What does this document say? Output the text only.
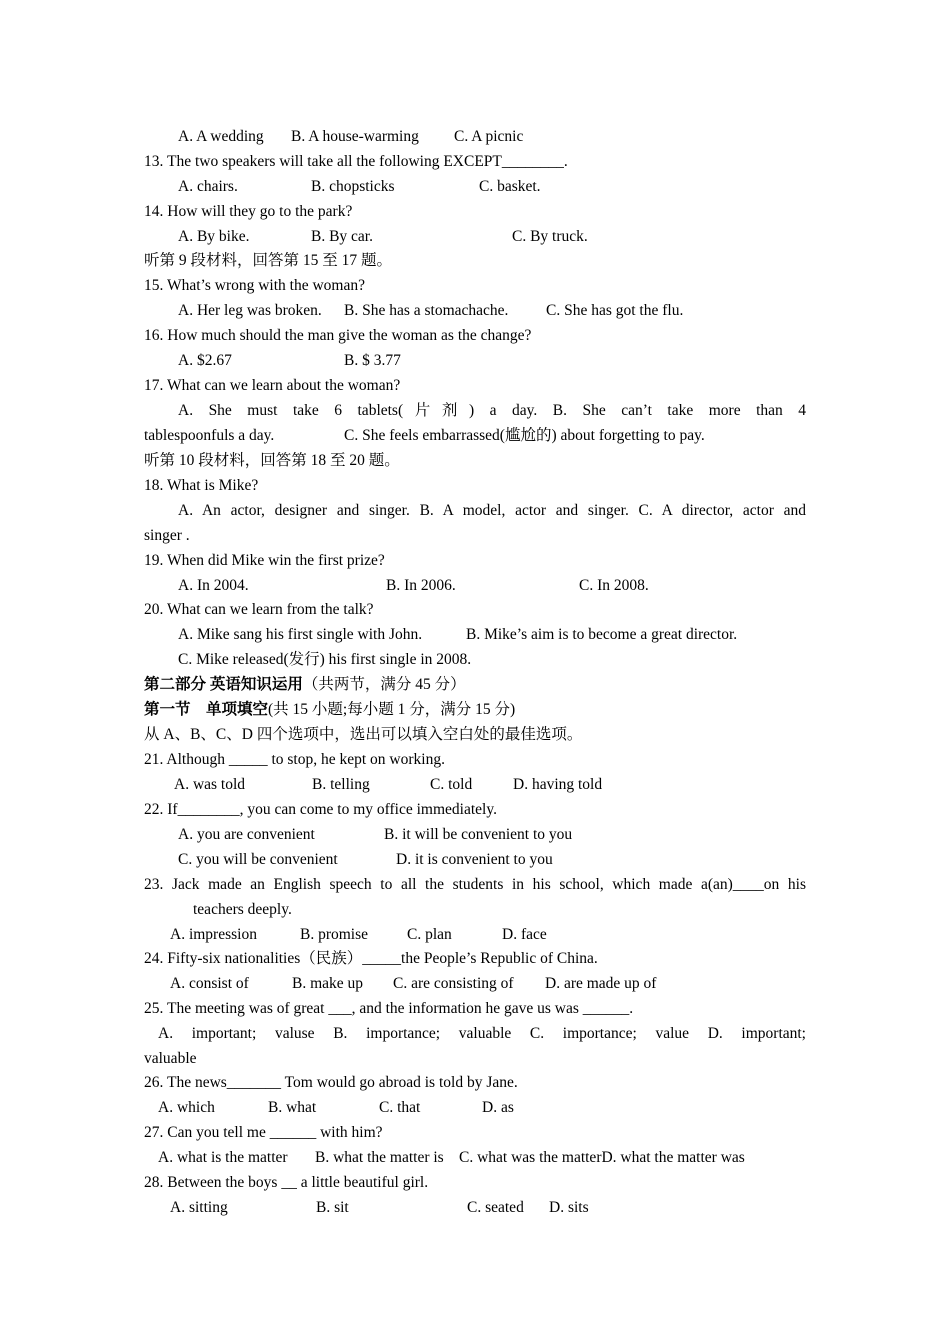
A. A wedding B. A house-warming C. A picnic
13. The two speakers will take all the following EXCEPT________.
A. chairs.	B. chopsticks	C. basket.
14. How will they go to the park?
A. By bike.	B. By car.	C. By truck.
听第 9 段材料，回答第 15 至 17 题。
15. What’s wrong with the woman?
A. Her leg was broken. B. She has a stomachache. C. She has got the flu.
16. How much should the man give the woman as the change?
A. $2.67	B. $ 3.77
17. What can we learn about the woman?
A. She must take 6 tablets(片剂) a day. B. She can’t take more than 4
tablespoonfuls a day.	C. She feels embarrassed(尴尬的) about forgetting to pay.
听第 10 段材料，回答第 18 至 20 题。
18. What is Mike?
A. An actor, designer and singer. B. A model, actor and singer. C. A director, actor and
singer .
19. When did Mike win the first prize?
A. In 2004.	B. In 2006.	C. In 2008.
20. What can we learn from the talk?
A. Mike sang his first single with John.	B. Mike’s aim is to become a great director.
C. Mike released(发行) his first single in 2008.
第二部分 英语知识运用（共两节，满分 45 分）
第一节　单项填空(共 15 小题;每小题 1 分，满分 15 分)
从 A、B、C、D 四个选项中，选出可以填入空白处的最佳选项。
21. Although _____ to stop, he kept on working.
A. was told	B. telling	C. told	D. having told
22. If________, you can come to my office immediately.
A. you are convenient	B. it will be convenient to you
C. you will be convenient	D. it is convenient to you
23. Jack made an English speech to all the students in his school, which made a(an)____on his
teachers deeply.
A. impression	B. promise	C. plan	D. face
24. Fifty-six nationalities（民族）_____the People’s Republic of China.
A. consist of	B. make up C. are consisting of D. are made up of
25. The meeting was of great ___, and the information he gave us was ______.
A. important; valuse B. importance; valuable C. importance; value D. important;
valuable
26. The news_______ Tom would go abroad is told by Jane.
A. which	B. what	C. that	D. as
27. Can you tell me ______ with him?
A. what is the matter B. what the matter is C. what was the matterD. what the matter was
28. Between the boys __ a little beautiful girl.
A. sitting	B. sit	C. seated D. sits
